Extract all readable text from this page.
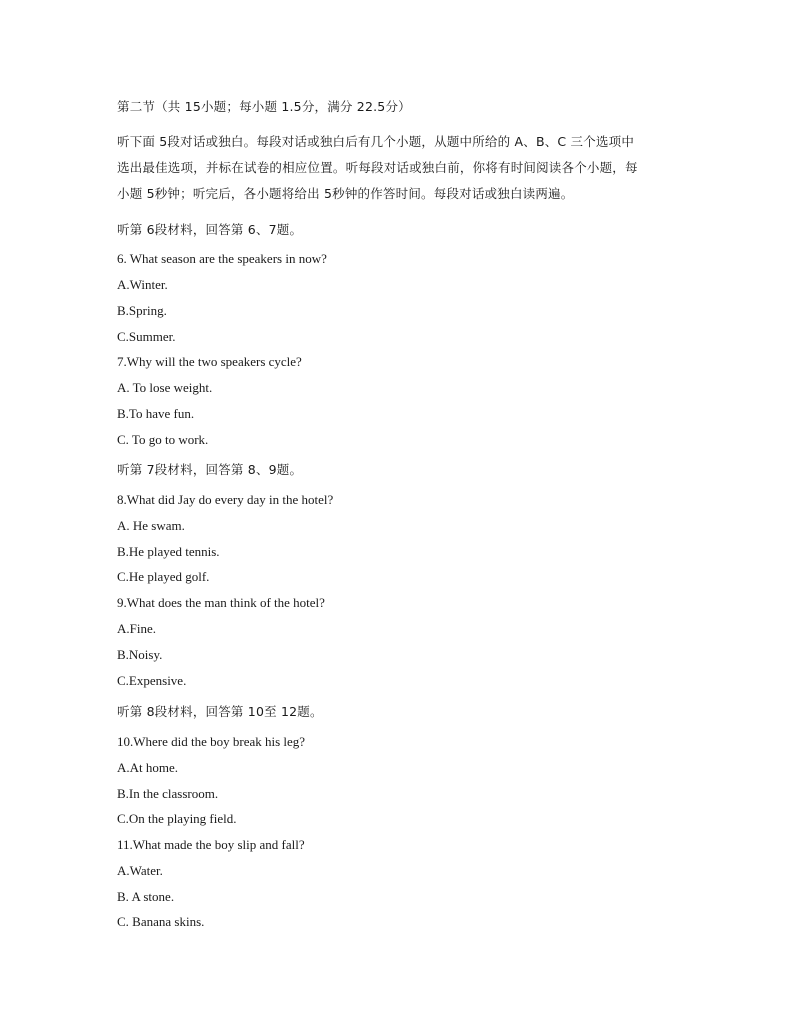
第二节（共 15小题；每小题 1.5分，满分 22.5分）
听下面 5段对话或独白。每段对话或独白后有几个小题，从题中所给的 A、B、C 三个选项中
选出最佳选项，并标在试卷的相应位置。听每段对话或独白前，你将有时间阅读各个小题，每
小题 5秒钟；听完后，各小题将给出 5秒钟的作答时间。每段对话或独白读两遍。
听第 6段材料，回答第 6、7题。
6. What season are the speakers in now?
A.Winter.
B.Spring.
C.Summer.
7.Why will the two speakers cycle?
A. To lose weight.
B.To have fun.
C. To go to work.
听第 7段材料，回答第 8、9题。
8.What did Jay do every day in the hotel?
A. He swam.
B.He played tennis.
C.He played golf.
9.What does the man think of the hotel?
A.Fine.
B.Noisy.
C.Expensive.
听第 8段材料，回答第 10至 12题。
10.Where did the boy break his leg?
A.At home.
B.In the classroom.
C.On the playing field.
11.What made the boy slip and fall?
A.Water.
B. A stone.
C. Banana skins.
